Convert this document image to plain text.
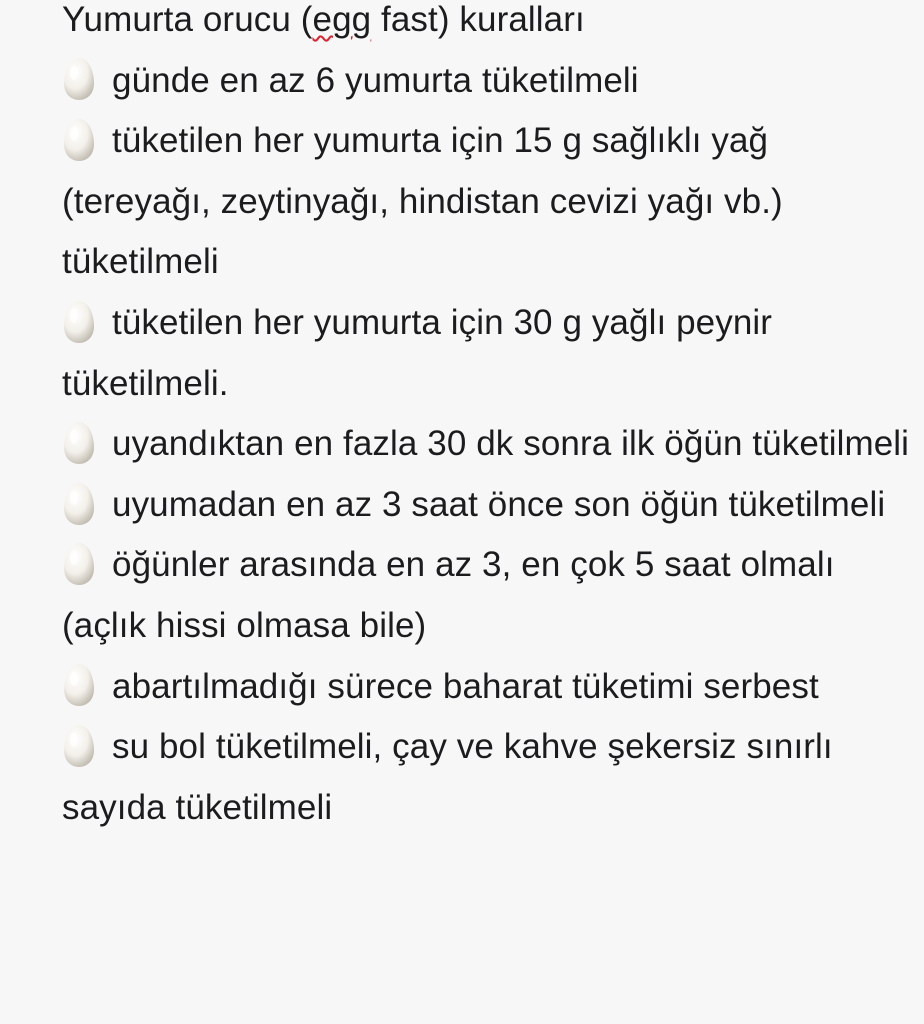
Yumurta orucu (egg fast) kuralları
günde en az 6 yumurta tüketilmeli
tüketilen her yumurta için 15 g sağlıklı yağ (tereyağı, zeytinyağı, hindistan cevizi yağı vb.) tüketilmeli
tüketilen her yumurta için 30 g yağlı peynir tüketilmeli.
uyandıktan en fazla 30 dk sonra ilk öğün tüketilmeli
uyumadan en az 3 saat önce son öğün tüketilmeli
öğünler arasında en az 3, en çok 5 saat olmalı (açlık hissi olmasa bile)
abartılmadığı sürece baharat tüketimi serbest
su bol tüketilmeli, çay ve kahve şekersiz sınırlı sayıda tüketilmeli
